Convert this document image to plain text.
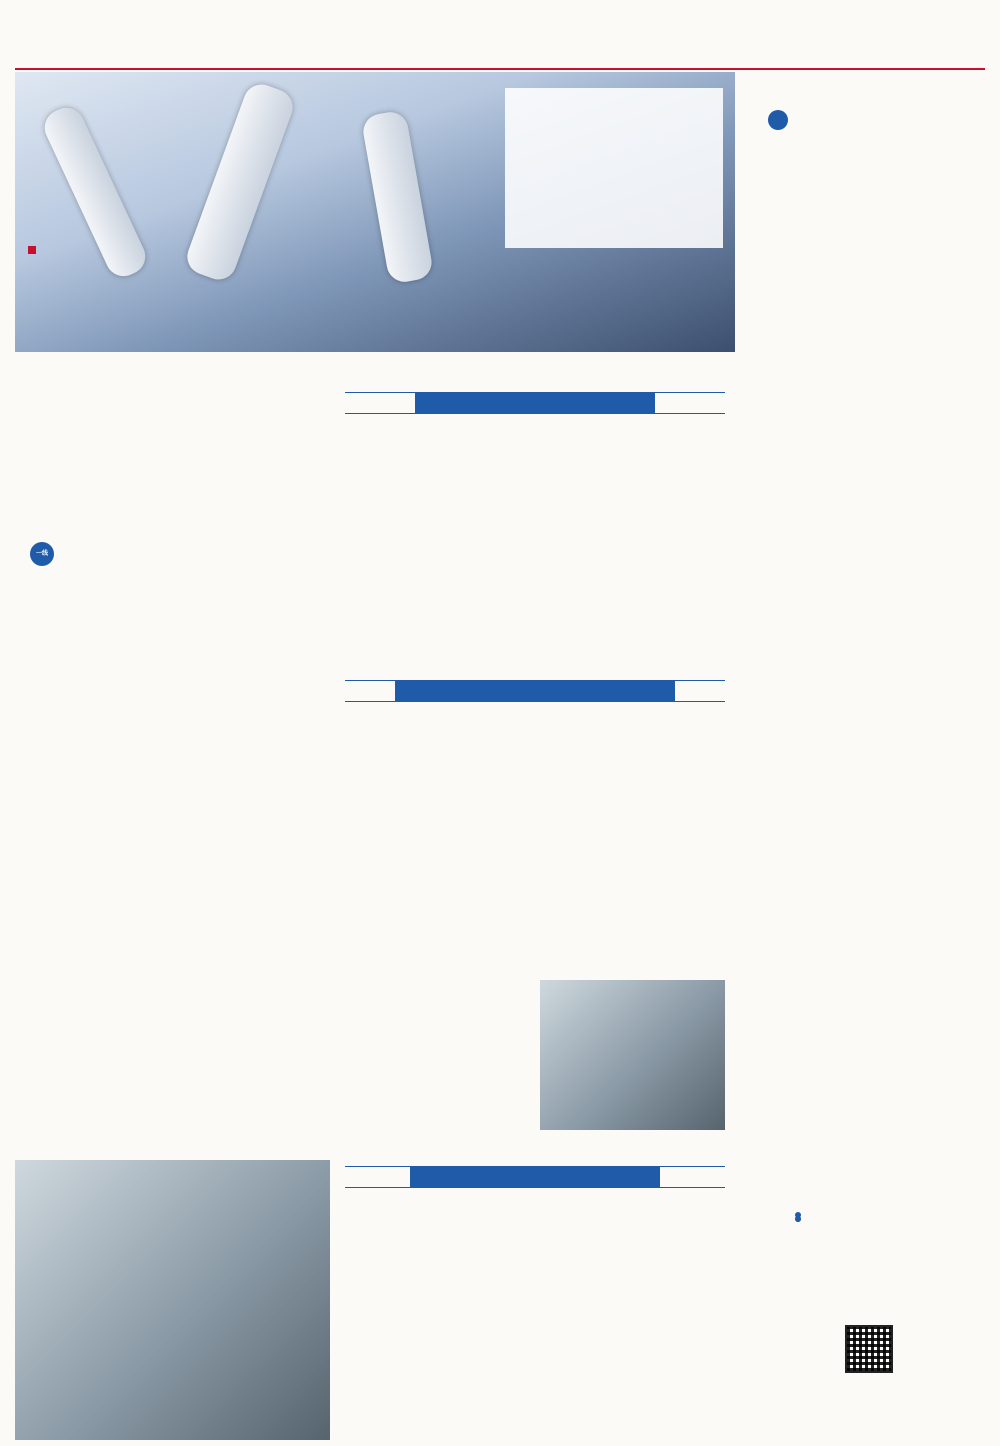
一线
